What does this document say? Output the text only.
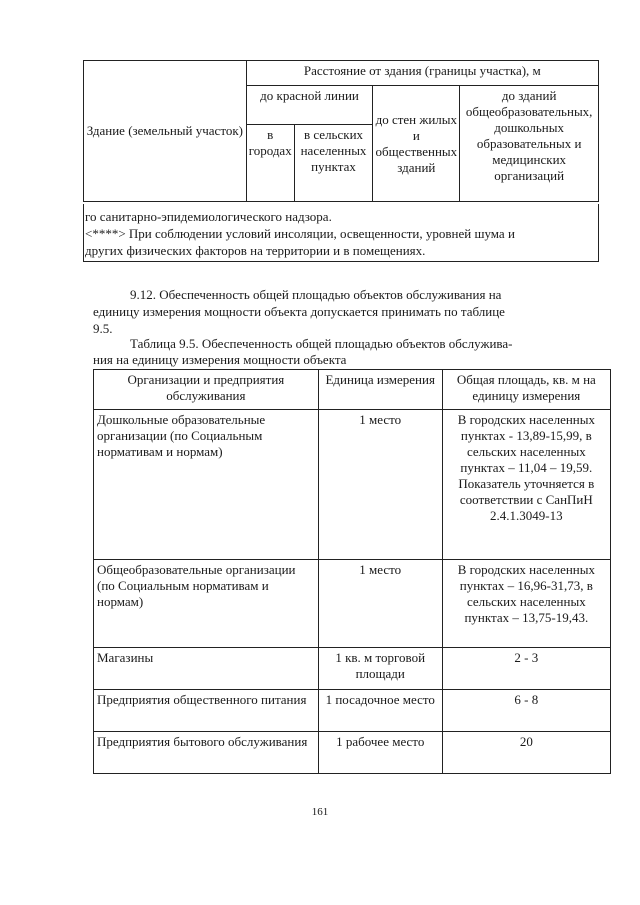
Здание (земельный участок)	Расстояние от здания (границы участка), м			
	до красной линии		до стен жилых и общественных зданий	до зданий общеобразовательных, дошкольных образовательных и медицинских организаций
	в городах	в сельских населенных пунктах		
го санитарно-эпидемиологического надзора.
<****> При соблюдении условий инсоляции, освещенности, уровней шума и
других физических факторов на территории и в помещениях.
9.12. Обеспеченность общей площадью объектов обслуживания на
единицу измерения мощности объекта допускается принимать по таблице
9.5.
Таблица 9.5. Обеспеченность общей площадью объектов обслужива-
ния на единицу измерения мощности объекта
Организации и предприятия обслуживания	Единица измерения	Общая площадь, кв. м на единицу измерения
Дошкольные образовательные организации (по Социальным нормативам и нормам)	1 место	В городских населенных пунктах - 13,89-15,99, в сельских населенных пунктах – 11,04 – 19,59.
Показатель уточняется в соответствии с СанПиН 2.4.1.3049-13

Общеобразовательные организации (по Социальным нормативам и нормам)	1 место	В городских населенных пунктах – 16,96-31,73, в сельских населенных пунктах – 13,75-19,43.
Магазины	1 кв. м торговой площади	2 - 3
Предприятия общественного питания	1 посадочное место	6 - 8
Предприятия бытового обслуживания	1 рабочее место	20
161
